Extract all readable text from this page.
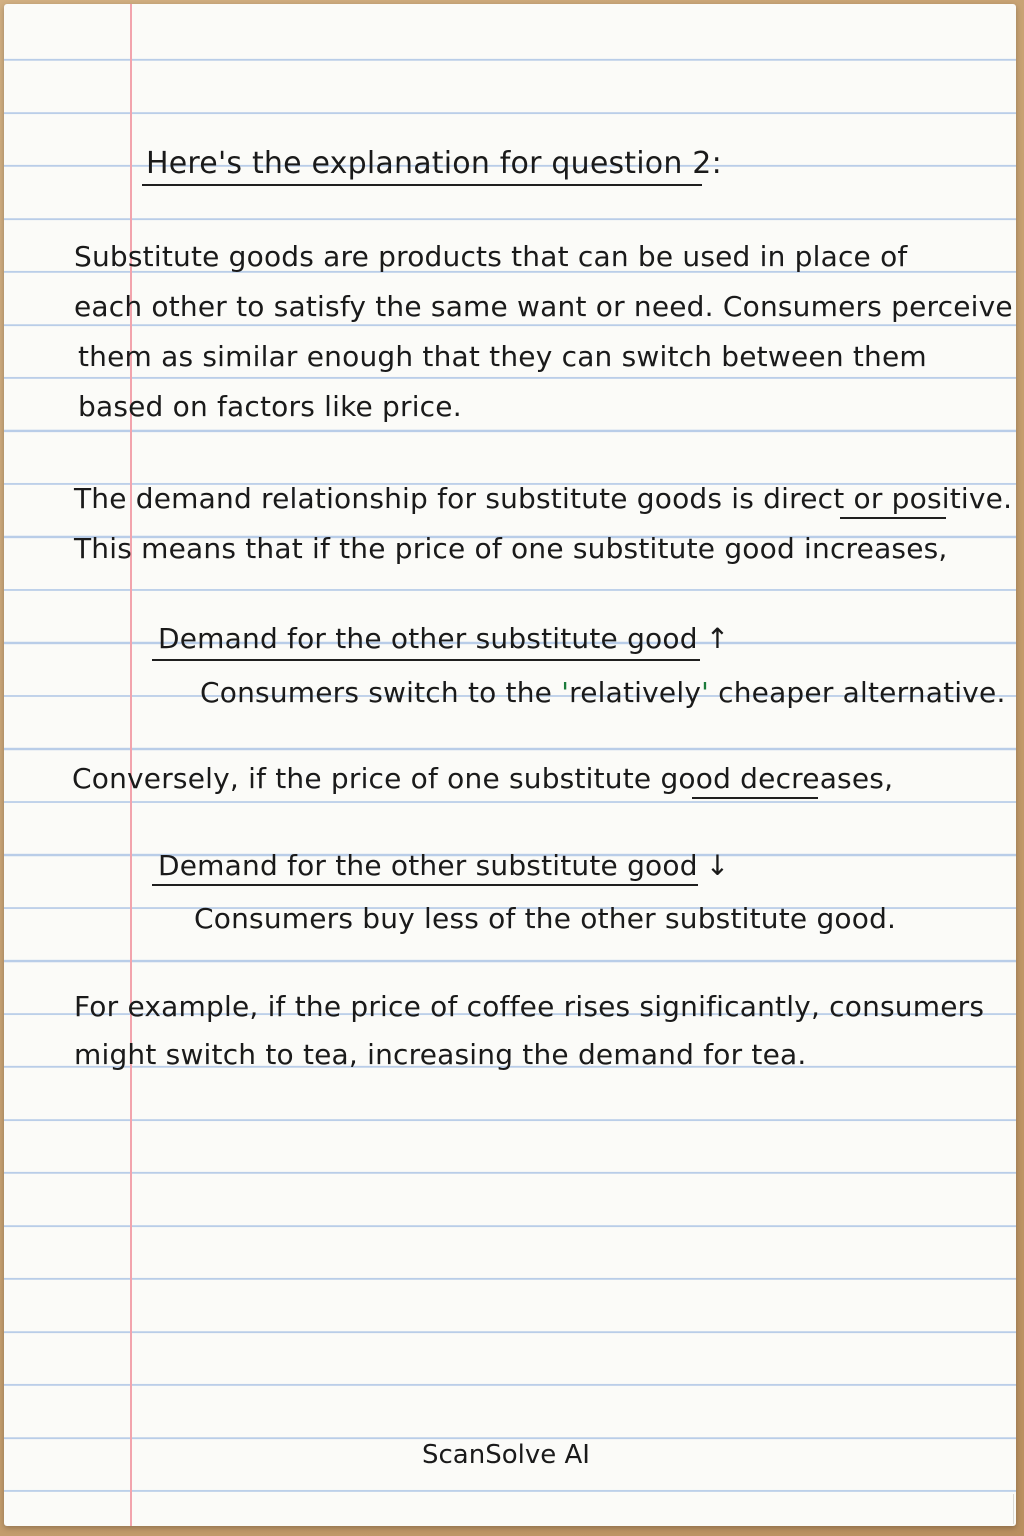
Here's the explanation for question 2:
Substitute goods are products that can be used in place of
each other to satisfy the same want or need. Consumers perceive
them as similar enough that they can switch between them
based on factors like price.
The demand relationship for substitute goods is direct or positive.
This means that if the price of one substitute good increases,
Demand for the other substitute good ↑
Consumers switch to the 'relatively' cheaper alternative.
Conversely, if the price of one substitute good decreases,
Demand for the other substitute good ↓
Consumers buy less of the other substitute good.
For example, if the price of coffee rises significantly, consumers
might switch to tea, increasing the demand for tea.
ScanSolve AI
